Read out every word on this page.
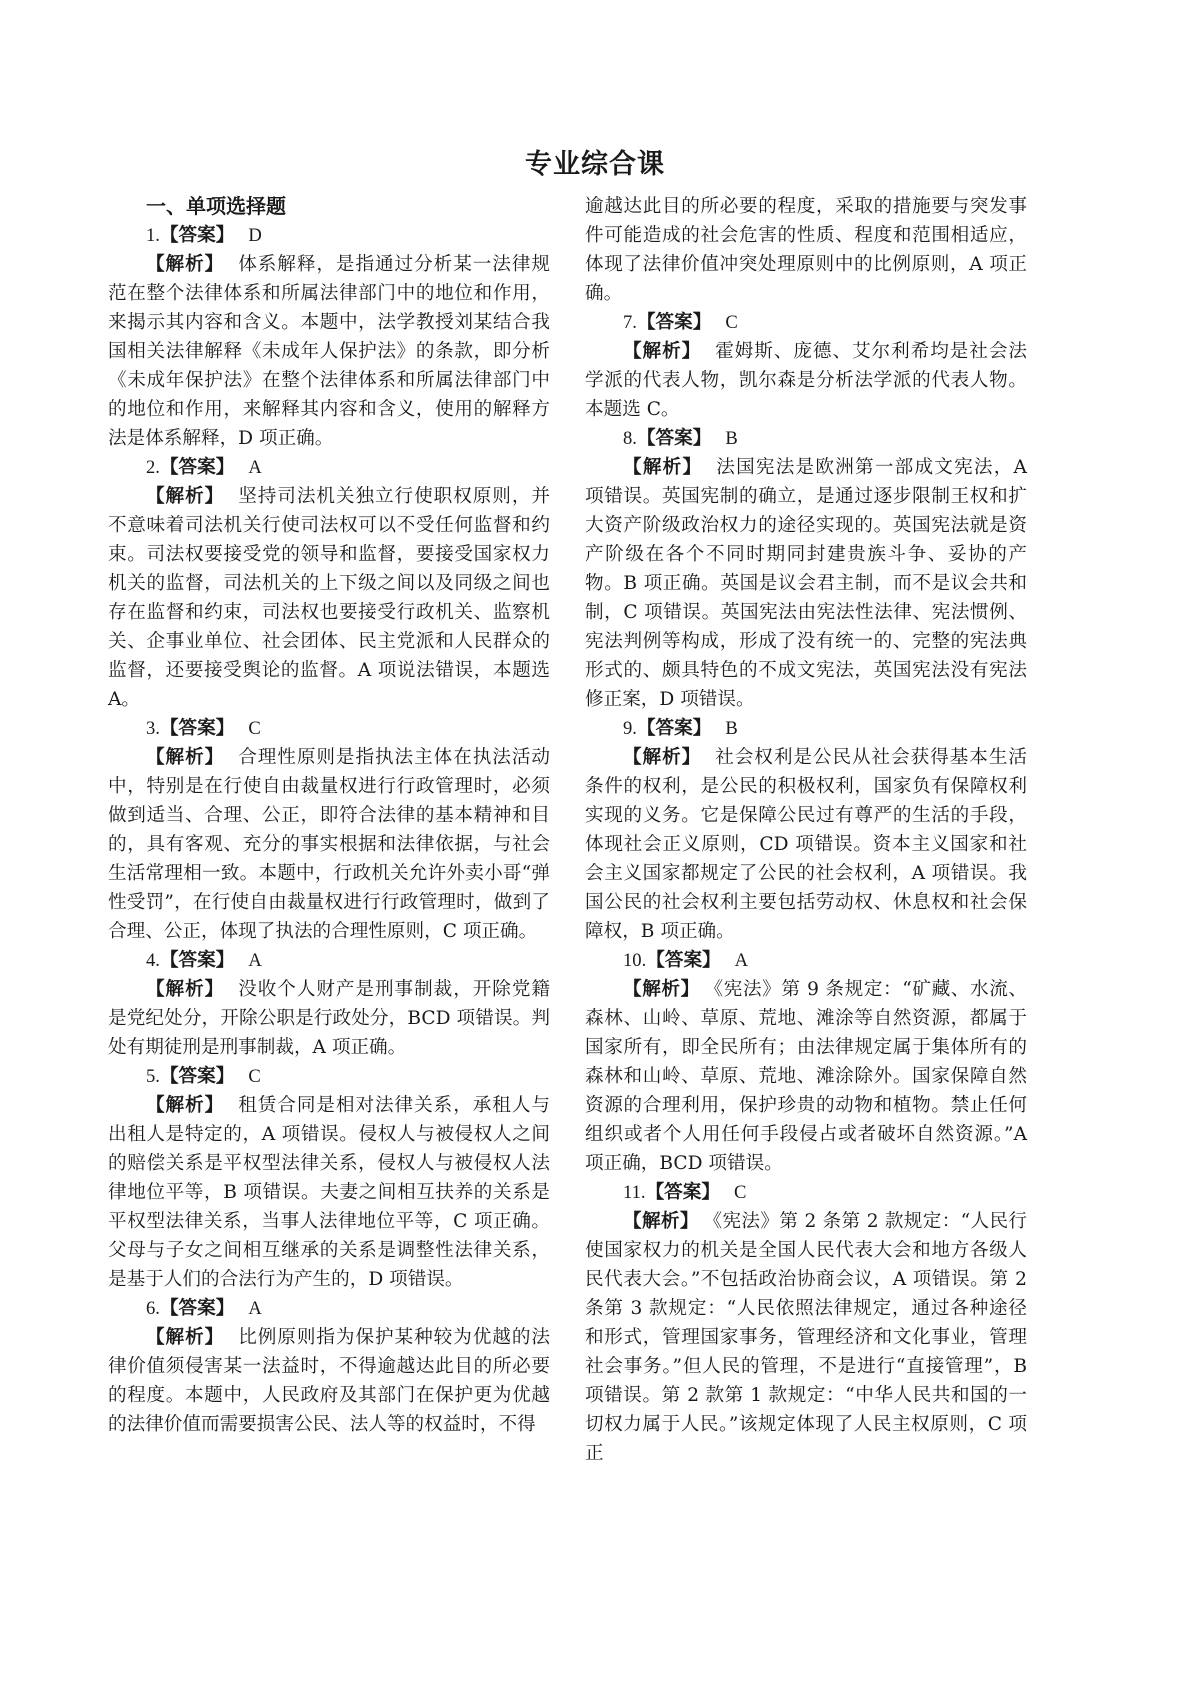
专业综合课
一、单项选择题
1.【答案】 D

【解析】 体系解释，是指通过分析某一法律规范在整个法律体系和所属法律部门中的地位和作用，来揭示其内容和含义。本题中，法学教授刘某结合我国相关法律解释《未成年人保护法》的条款，即分析《未成年保护法》在整个法律体系和所属法律部门中的地位和作用，来解释其内容和含义，使用的解释方法是体系解释，D 项正确。

2.【答案】 A

【解析】 坚持司法机关独立行使职权原则，并不意味着司法机关行使司法权可以不受任何监督和约束。司法权要接受党的领导和监督，要接受国家权力机关的监督，司法机关的上下级之间以及同级之间也存在监督和约束，司法权也要接受行政机关、监察机关、企事业单位、社会团体、民主党派和人民群众的监督，还要接受舆论的监督。A 项说法错误，本题选 A。

3.【答案】 C

【解析】 合理性原则是指执法主体在执法活动中，特别是在行使自由裁量权进行行政管理时，必须做到适当、合理、公正，即符合法律的基本精神和目的，具有客观、充分的事实根据和法律依据，与社会生活常理相一致。本题中，行政机关允许外卖小哥“弹性受罚”，在行使自由裁量权进行行政管理时，做到了合理、公正，体现了执法的合理性原则，C 项正确。

4.【答案】 A

【解析】 没收个人财产是刑事制裁，开除党籍是党纪处分，开除公职是行政处分，BCD 项错误。判处有期徒刑是刑事制裁，A 项正确。

5.【答案】 C

【解析】 租赁合同是相对法律关系，承租人与出租人是特定的，A 项错误。侵权人与被侵权人之间的赔偿关系是平权型法律关系，侵权人与被侵权人法律地位平等，B 项错误。夫妻之间相互扶养的关系是平权型法律关系，当事人法律地位平等，C 项正确。父母与子女之间相互继承的关系是调整性法律关系，是基于人们的合法行为产生的，D 项错误。

6.【答案】 A

【解析】 比例原则指为保护某种较为优越的法律价值须侵害某一法益时，不得逾越达此目的所必要的程度。本题中，人民政府及其部门在保护更为优越的法律价值而需要损害公民、法人等的权益时，不得

逾越达此目的所必要的程度，采取的措施要与突发事件可能造成的社会危害的性质、程度和范围相适应，体现了法律价值冲突处理原则中的比例原则，A 项正确。

7.【答案】 C

【解析】 霍姆斯、庞德、艾尔利希均是社会法学派的代表人物，凯尔森是分析法学派的代表人物。本题选 C。

8.【答案】 B

【解析】 法国宪法是欧洲第一部成文宪法，A 项错误。英国宪制的确立，是通过逐步限制王权和扩大资产阶级政治权力的途径实现的。英国宪法就是资产阶级在各个不同时期同封建贵族斗争、妥协的产物。B 项正确。英国是议会君主制，而不是议会共和制，C 项错误。英国宪法由宪法性法律、宪法惯例、宪法判例等构成，形成了没有统一的、完整的宪法典形式的、颇具特色的不成文宪法，英国宪法没有宪法修正案，D 项错误。

9.【答案】 B

【解析】 社会权利是公民从社会获得基本生活条件的权利，是公民的积极权利，国家负有保障权利实现的义务。它是保障公民过有尊严的生活的手段，体现社会正义原则，CD 项错误。资本主义国家和社会主义国家都规定了公民的社会权利，A 项错误。我国公民的社会权利主要包括劳动权、休息权和社会保障权，B 项正确。

10.【答案】 A

【解析】 《宪法》第 9 条规定：“矿藏、水流、森林、山岭、草原、荒地、滩涂等自然资源，都属于国家所有，即全民所有；由法律规定属于集体所有的森林和山岭、草原、荒地、滩涂除外。国家保障自然资源的合理利用，保护珍贵的动物和植物。禁止任何组织或者个人用任何手段侵占或者破坏自然资源。”A 项正确，BCD 项错误。

11.【答案】 C

【解析】 《宪法》第 2 条第 2 款规定：“人民行使国家权力的机关是全国人民代表大会和地方各级人民代表大会。”不包括政治协商会议，A 项错误。第 2 条第 3 款规定：“人民依照法律规定，通过各种途径和形式，管理国家事务，管理经济和文化事业，管理社会事务。”但人民的管理，不是进行“直接管理”，B 项错误。第 2 款第 1 款规定：“中华人民共和国的一切权力属于人民。”该规定体现了人民主权原则，C 项正
